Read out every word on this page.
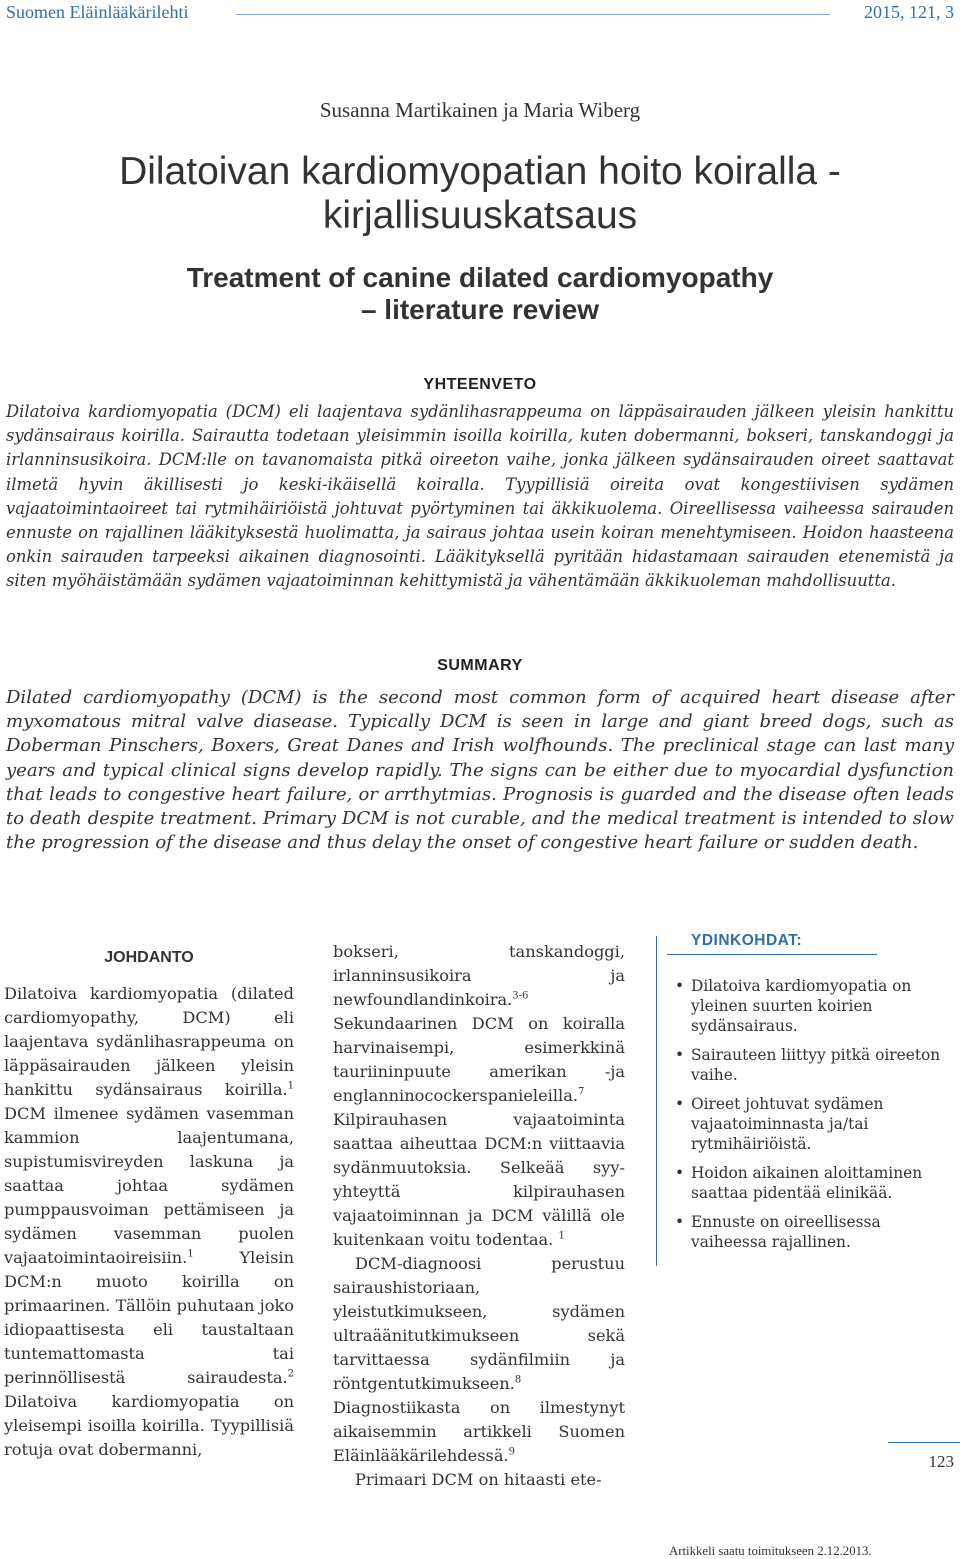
Suomen Eläinlääkärilehti	2015, 121, 3
Susanna Martikainen ja Maria Wiberg
Dilatoivan kardiomyopatian hoito koiralla - kirjallisuuskatsaus
Treatment of canine dilated cardiomyopathy
– literature review
YHTEENVETO

Dilatoiva kardiomyopatia (DCM) eli laajentava sydänlihasrappeuma on läppäsairauden jälkeen yleisin hankittu sydänsairaus koirilla. Sairautta todetaan yleisimmin isoilla koirilla, kuten dobermanni, bokseri, tanskandoggi ja irlanninsusikoira. DCM:lle on tavanomaista pitkä oireeton vaihe, jonka jälkeen sydänsairauden oireet saattavat ilmetä hyvin äkillisesti jo keski-ikäisellä koiralla. Tyypillisiä oireita ovat kongestiivisen sydämen vajaatoimintaoireet tai rytmihäiriöistä johtuvat pyörtyminen tai äkkikuolema. Oireellisessa vaiheessa sairauden ennuste on rajallinen lääkityksestä huolimatta, ja sairaus johtaa usein koiran menehtymiseen. Hoidon haasteena onkin sairauden tarpeeksi aikainen diagnosointi. Lääkityksellä pyritään hidastamaan sairauden etenemistä ja siten myöhäistämään sydämen vajaatoiminnan kehittymistä ja vähentämään äkkikuoleman mahdollisuutta.

SUMMARY

Dilated cardiomyopathy (DCM) is the second most common form of acquired heart disease after myxomatous mitral valve diasease. Typically DCM is seen in large and giant breed dogs, such as Doberman Pinschers, Boxers, Great Danes and Irish wolfhounds. The preclinical stage can last many years and typical clinical signs develop rapidly. The signs can be either due to myocardial dysfunction that leads to congestive heart failure, or arrthytmias. Prognosis is guarded and the disease often leads to death despite treatment. Primary DCM is not curable, and the medical treatment is intended to slow the progression of the disease and thus delay the onset of congestive heart failure or sudden death.

JOHDANTO

Dilatoiva kardiomyopatia (dilated cardiomyopathy, DCM) eli laajentava sydänlihasrappeuma on läppäsairauden jälkeen yleisin hankittu sydänsairaus koirilla.$^1$ DCM ilmenee sydämen vasemman kammion laajentumana, supistumisvireyden laskuna ja saattaa johtaa sydämen pumppausvoiman pettämiseen ja sydämen vasemman puolen vajaatoimintaoireisiin.$^1$ Yleisin DCM:n muoto koirilla on primaarinen. Tällöin puhutaan joko idiopaattisesta eli taustaltaan tuntemattomasta tai perinnöllisestä sairaudesta.$^2$ Dilatoiva kardiomyopatia on yleisempi isoilla koirilla. Tyypillisiä rotuja ovat dobermanni,

bokseri, tanskandoggi, irlanninsusikoira ja newfoundlandinkoira.$^{3-6}$ Sekundaarinen DCM on koiralla harvinaisempi, esimerkkinä tauriininpuute amerikan -ja englanninocockerspanieleilla.$^7$ Kilpirauhasen vajaatoiminta saattaa aiheuttaa DCM:n viittaavia sydänmuutoksia. Selkeää syy-yhteyttä kilpirauhasen vajaatoiminnan ja DCM välillä ole kuitenkaan voitu todentaa. $^1$

DCM-diagnoosi perustuu sairaushistoriaan, yleistutkimukseen, sydämen ultraäänitutkimukseen sekä tarvittaessa sydänfilmiin ja röntgentutkimukseen.$^8$ Diagnostiikasta on ilmestynyt aikaisemmin artikkeli Suomen Eläinlääkärilehdessä.$^9$

Primaari DCM on hitaasti ete-

YDINKOHDAT:
• Dilatoiva kardiomyopatia on yleinen suurten koirien sydänsairaus.
• Sairauteen liittyy pitkä oireeton vaihe.
• Oireet johtuvat sydämen vajaatoiminnasta ja/tai rytmihäiriöistä.
• Hoidon aikainen aloittaminen saattaa pidentää elinikää.
• Ennuste on oireellisessa vaiheessa rajallinen.
Artikkeli saatu toimitukseen 2.12.2013.
123
